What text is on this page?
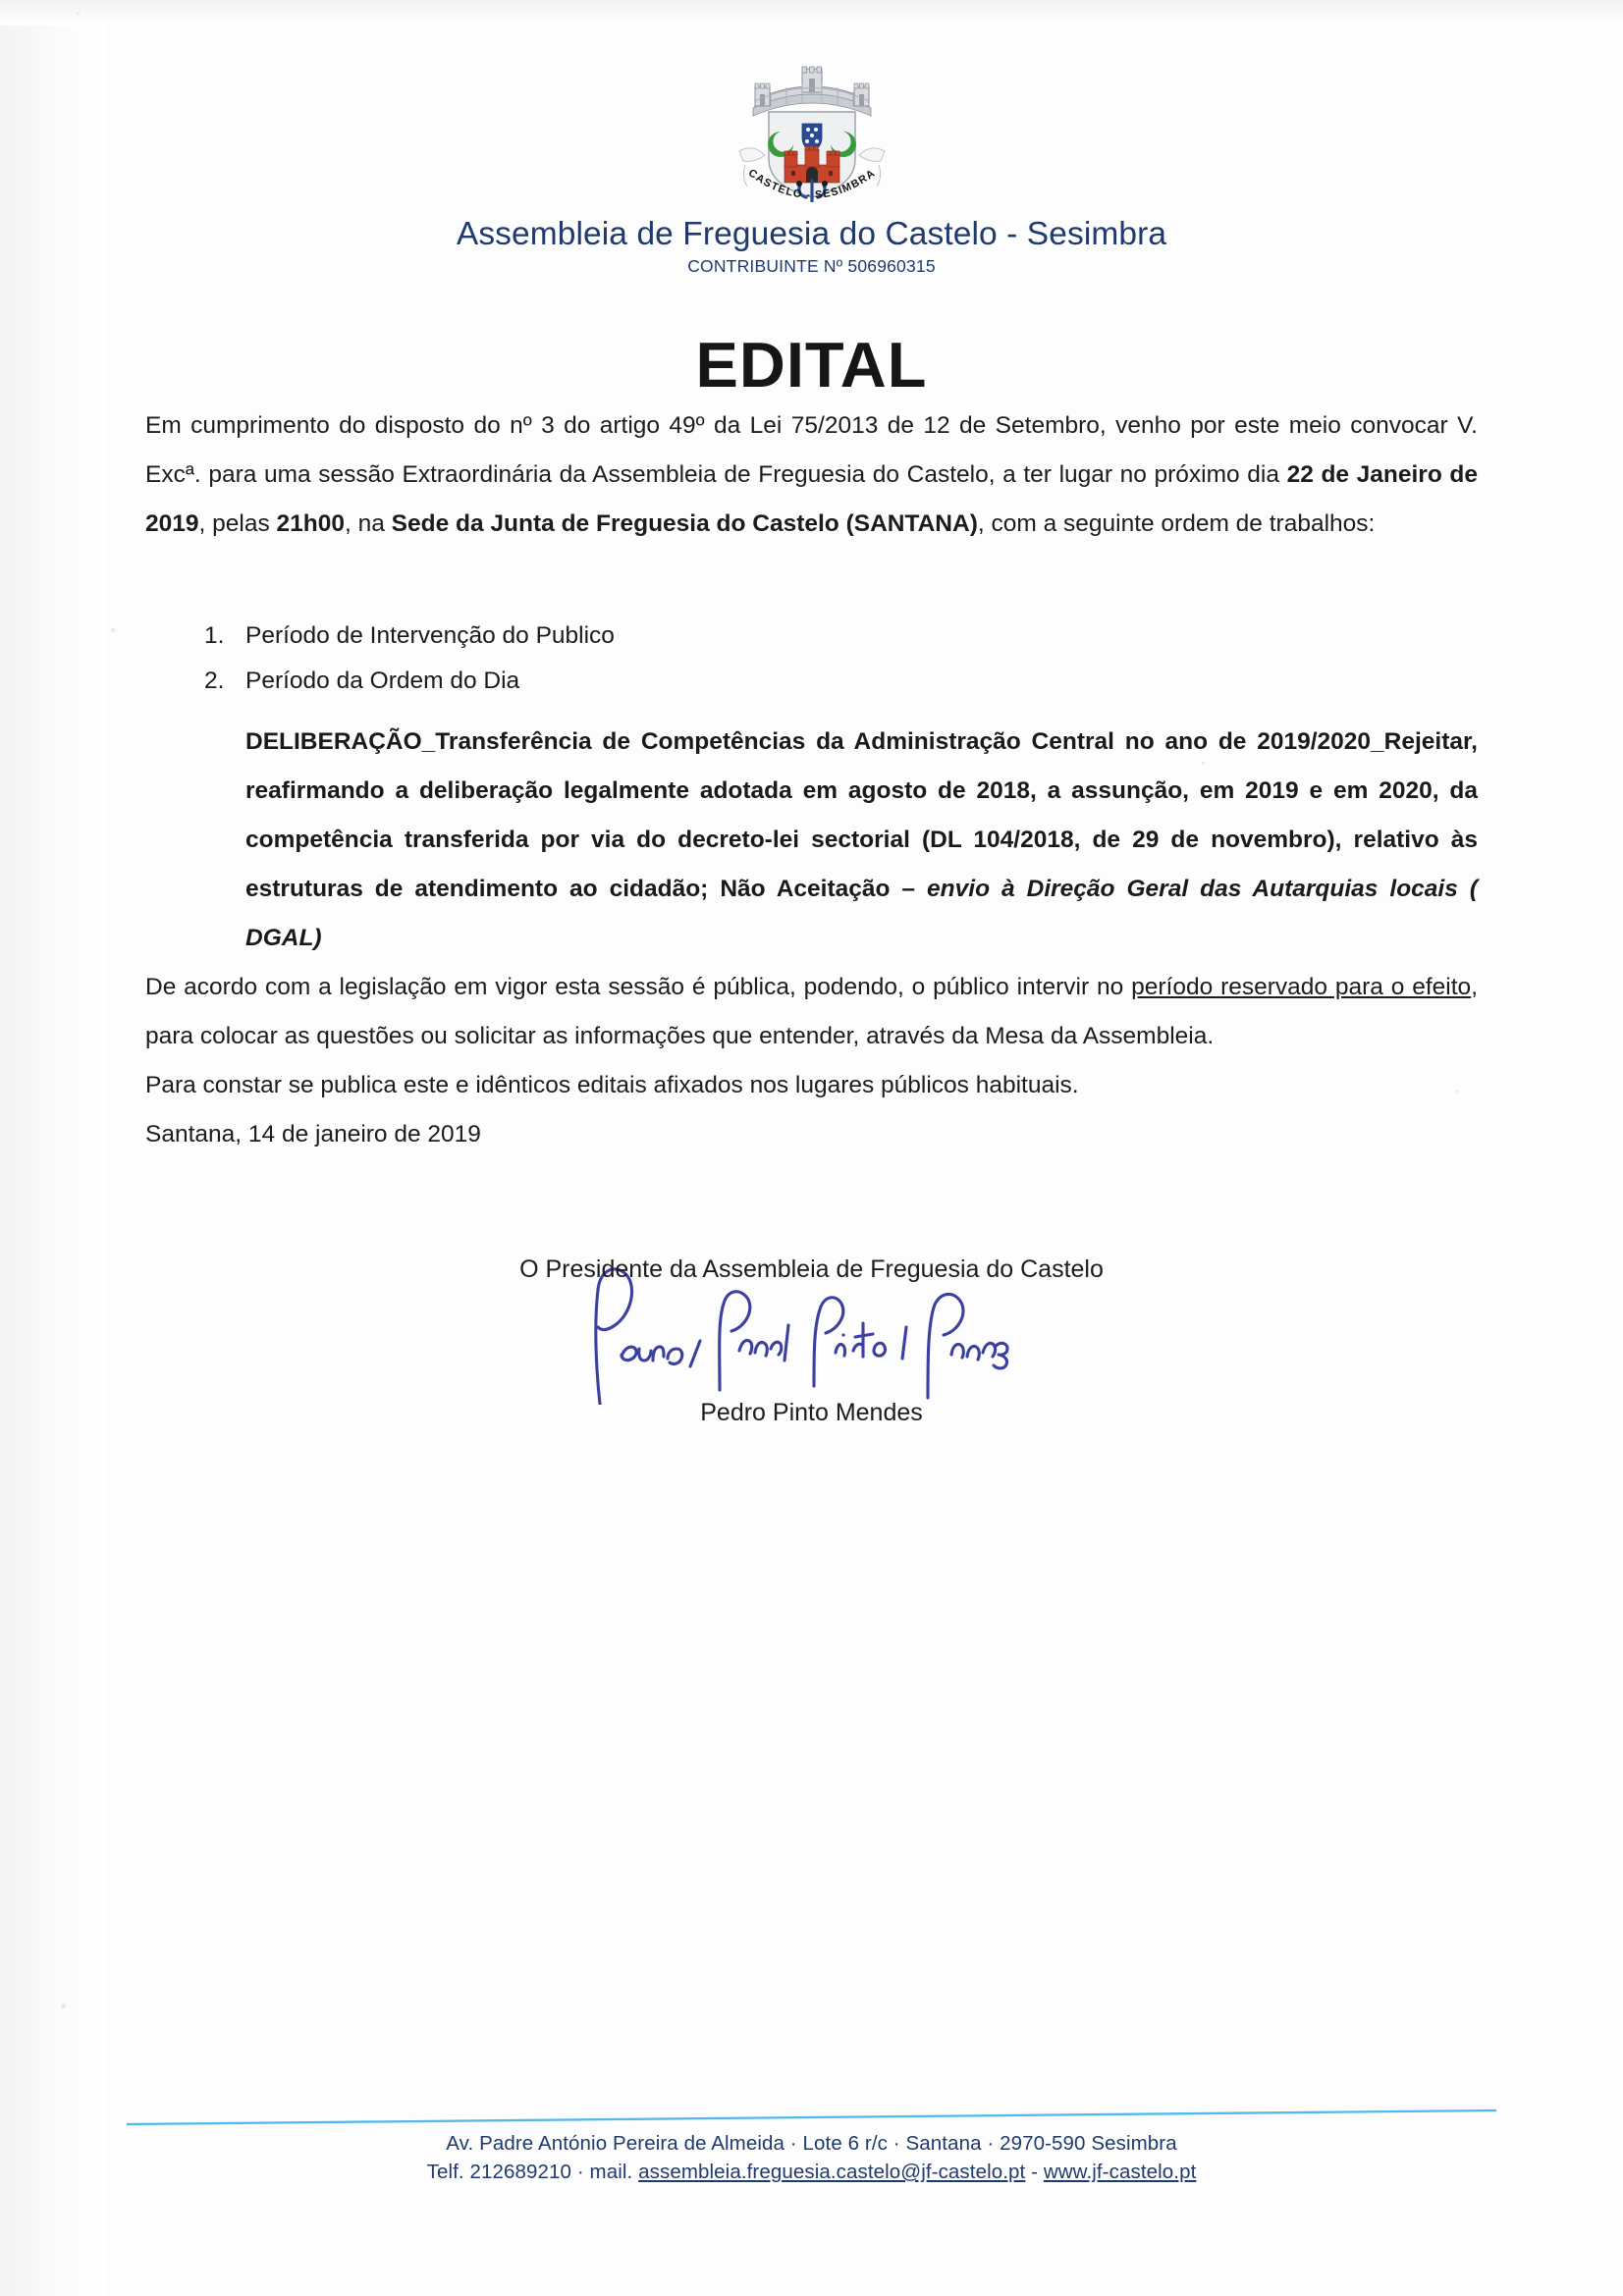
CASTELO - SESIMBRA
Assembleia de Freguesia do Castelo - Sesimbra
CONTRIBUINTE Nº 506960315
EDITAL

Em cumprimento do disposto do nº 3 do artigo 49º da Lei 75/2013 de 12 de Setembro, venho por este meio convocar V. Excª. para uma sessão Extraordinária da Assembleia de Freguesia do Castelo, a ter lugar no próximo dia 22 de Janeiro de 2019, pelas 21h00, na Sede da Junta de Freguesia do Castelo (SANTANA), com a seguinte ordem de trabalhos:

1. Período de Intervenção do Publico
2. Período da Ordem do Dia

DELIBERAÇÃO_Transferência de Competências da Administração Central no ano de 2019/2020_Rejeitar, reafirmando a deliberação legalmente adotada em agosto de 2018, a assunção, em 2019 e em 2020, da competência transferida por via do decreto-lei sectorial (DL 104/2018, de 29 de novembro), relativo às estruturas de atendimento ao cidadão; Não Aceitação – envio à Direção Geral das Autarquias locais ( DGAL)

De acordo com a legislação em vigor esta sessão é pública, podendo, o público intervir no período reservado para o efeito, para colocar as questões ou solicitar as informações que entender, através da Mesa da Assembleia.

Para constar se publica este e idênticos editais afixados nos lugares públicos habituais.

Santana, 14 de janeiro de 2019

O Presidente da Assembleia de Freguesia do Castelo
Pedro Pinto Mendes
Av. Padre António Pereira de Almeida · Lote 6 r/c · Santana · 2970-590 Sesimbra
Telf. 212689210 · mail. assembleia.freguesia.castelo@jf-castelo.pt - www.jf-castelo.pt
